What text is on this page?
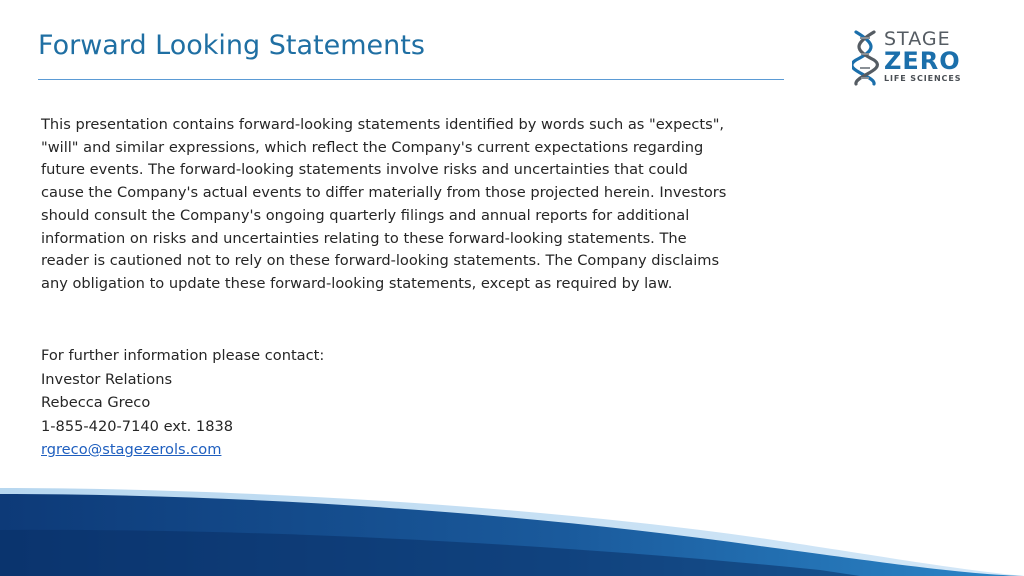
Forward Looking Statements	STAGE
ZERO
LIFE SCIENCES
This presentation contains forward-looking statements identified by words such as "expects",
"will" and similar expressions, which reflect the Company's current expectations regarding
future events. The forward-looking statements involve risks and uncertainties that could
cause the Company's actual events to differ materially from those projected herein. Investors
should consult the Company's ongoing quarterly filings and annual reports for additional
information on risks and uncertainties relating to these forward-looking statements. The
reader is cautioned not to rely on these forward-looking statements. The Company disclaims
any obligation to update these forward-looking statements, except as required by law.
For further information please contact:
Investor Relations
Rebecca Greco
1-855-420-7140 ext. 1838
rgreco@stagezerols.com
